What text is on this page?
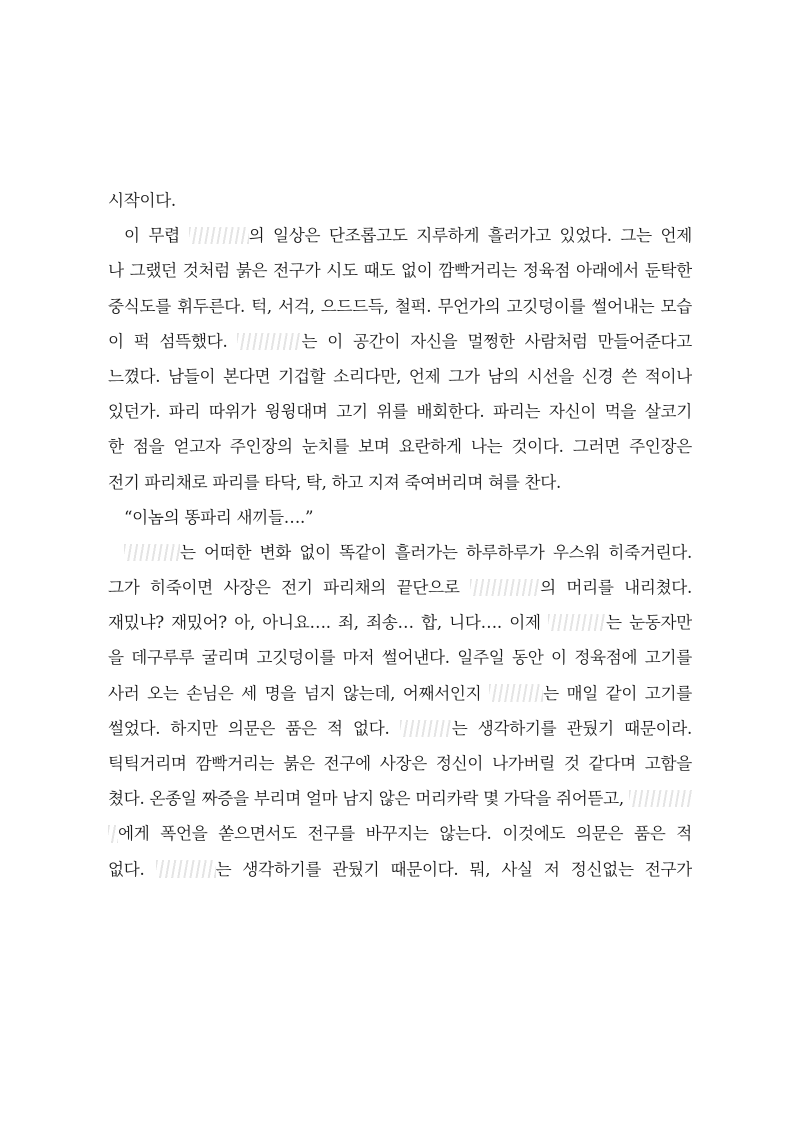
시작이다.
이 무렵	의 일상은 단조롭고도 지루하게 흘러가고 있었다. 그는 언제
나 그랬던 것처럼 붉은 전구가 시도 때도 없이 깜빡거리는 정육점 아래에서 둔탁한
중식도를 휘두른다. 턱, 서걱, 으드드득, 철퍽. 무언가의 고깃덩이를 썰어내는 모습
이 퍽 섬뜩했다.	는 이 공간이 자신을 멀쩡한 사람처럼 만들어준다고
느꼈다. 남들이 본다면 기겁할 소리다만, 언제 그가 남의 시선을 신경 쓴 적이나
있던가. 파리 따위가 윙윙대며 고기 위를 배회한다. 파리는 자신이 먹을 살코기
한 점을 얻고자 주인장의 눈치를 보며 요란하게 나는 것이다. 그러면 주인장은
전기 파리채로 파리를 타닥, 탁, 하고 지져 죽여버리며 혀를 찬다.
“이놈의 똥파리 새끼들….”
는 어떠한 변화 없이 똑같이 흘러가는 하루하루가 우스워 히죽거린다.
그가 히죽이면 사장은 전기 파리채의 끝단으로	의 머리를 내리쳤다.
재밌냐? 재밌어? 아, 아니요…. 죄, 죄송… 합, 니다…. 이제	는 눈동자만
을 데구루루 굴리며 고깃덩이를 마저 썰어낸다. 일주일 동안 이 정육점에 고기를
사러 오는 손님은 세 명을 넘지 않는데, 어째서인지	는 매일 같이 고기를
썰었다. 하지만 의문은 품은 적 없다.	는 생각하기를 관뒀기 때문이라.
틱틱거리며 깜빡거리는 붉은 전구에 사장은 정신이 나가버릴 것 같다며 고함을
쳤다. 온종일 짜증을 부리며 얼마 남지 않은 머리카락 몇 가닥을 쥐어뜯고,
에게 폭언을 쏟으면서도 전구를 바꾸지는 않는다. 이것에도 의문은 품은 적
없다.	는 생각하기를 관뒀기 때문이다. 뭐, 사실 저 정신없는 전구가
